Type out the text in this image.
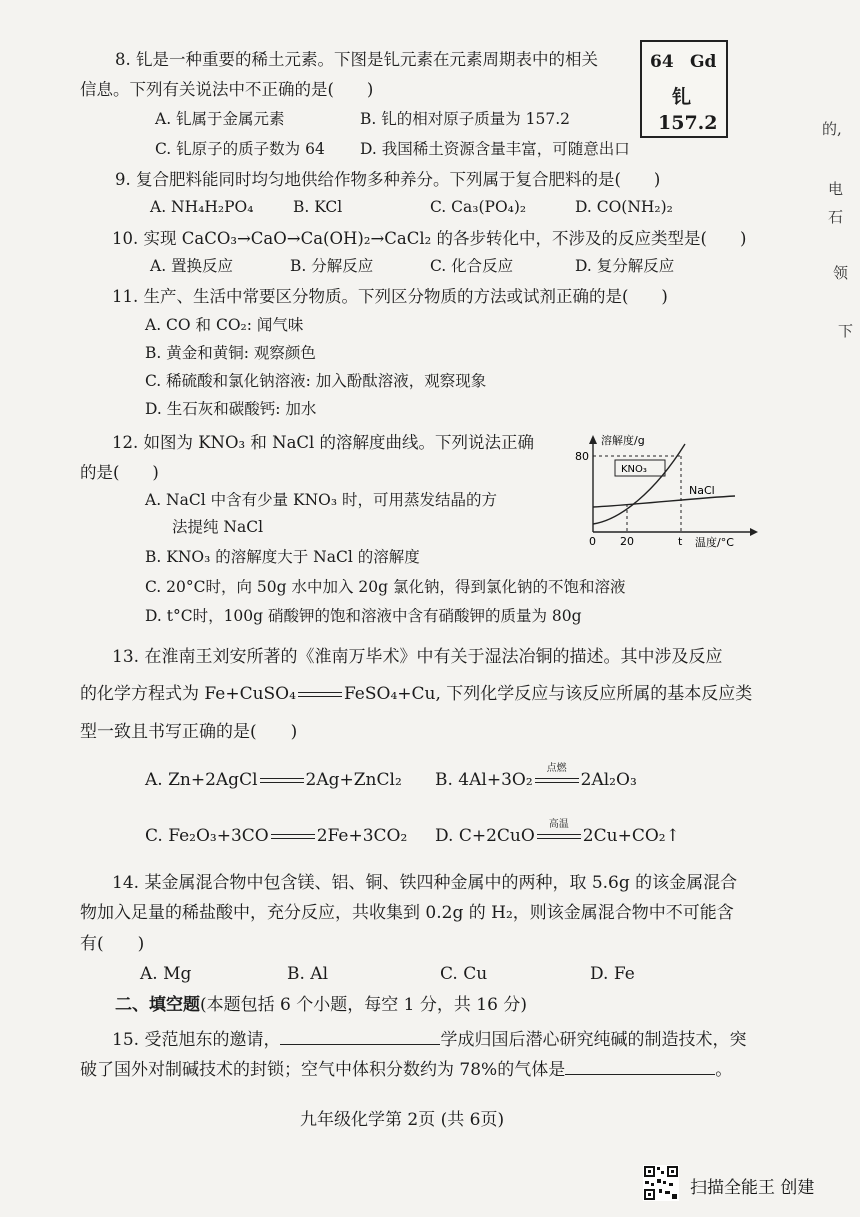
8. 钆是一种重要的稀土元素。下图是钆元素在元素周期表中的相关
信息。下列有关说法中不正确的是(　　)
A. 钆属于金属元素	B. 钆的相对原子质量为 157.2
C. 钆原子的质子数为 64 D. 我国稀土资源含量丰富，可随意出口
64 Gd
钆
157.2
9. 复合肥料能同时均匀地供给作物多种养分。下列属于复合肥料的是(　　)
A. NH₄H₂PO₄	B. KCl	C. Ca₃(PO₄)₂	D. CO(NH₂)₂
10. 实现 CaCO₃→CaO→Ca(OH)₂→CaCl₂ 的各步转化中，不涉及的反应类型是(　　)
A. 置换反应	B. 分解反应	C. 化合反应	D. 复分解反应
11. 生产、生活中常要区分物质。下列区分物质的方法或试剂正确的是(　　)
A. CO 和 CO₂: 闻气味
B. 黄金和黄铜: 观察颜色
C. 稀硫酸和氯化钠溶液: 加入酚酞溶液，观察现象
D. 生石灰和碳酸钙: 加水
12. 如图为 KNO₃ 和 NaCl 的溶解度曲线。下列说法正确
的是(　　)
A. NaCl 中含有少量 KNO₃ 时，可用蒸发结晶的方
法提纯 NaCl
B. KNO₃ 的溶解度大于 NaCl 的溶解度
C. 20°C时，向 50g 水中加入 20g 氯化钠，得到氯化钠的不饱和溶液
D. t°C时，100g 硝酸钾的饱和溶液中含有硝酸钾的质量为 80g
溶解度/g
80
KNO₃
NaCl
0 20	t 温度/°C
13. 在淮南王刘安所著的《淮南万毕术》中有关于湿法冶铜的描述。其中涉及反应
的化学方程式为 Fe+CuSO₄	FeSO₄+Cu, 下列化学反应与该反应所属的基本反应类
型一致且书写正确的是(　　)
A. Zn+2AgCl	2Ag+ZnCl₂ B. 4Al+3O₂
点燃
2Al₂O₃
C. Fe₂O₃+3CO	2Fe+3CO₂ D. C+2CuO
高温
2Cu+CO₂↑
14. 某金属混合物中包含镁、铝、铜、铁四种金属中的两种，取 5.6g 的该金属混合
物加入足量的稀盐酸中，充分反应，共收集到 0.2g 的 H₂，则该金属混合物中不可能含
有(　　)
A. Mg	B. Al	C. Cu	D. Fe
二、填空题(本题包括 6 个小题，每空 1 分，共 16 分)
15. 受范旭东的邀请，	学成归国后潜心研究纯碱的制造技术，突
破了国外对制碱技术的封锁；空气中体积分数约为 78%的气体是	。
九年级化学第 2页 (共 6页)
的,
电
石
领
下
扫描全能王 创建
